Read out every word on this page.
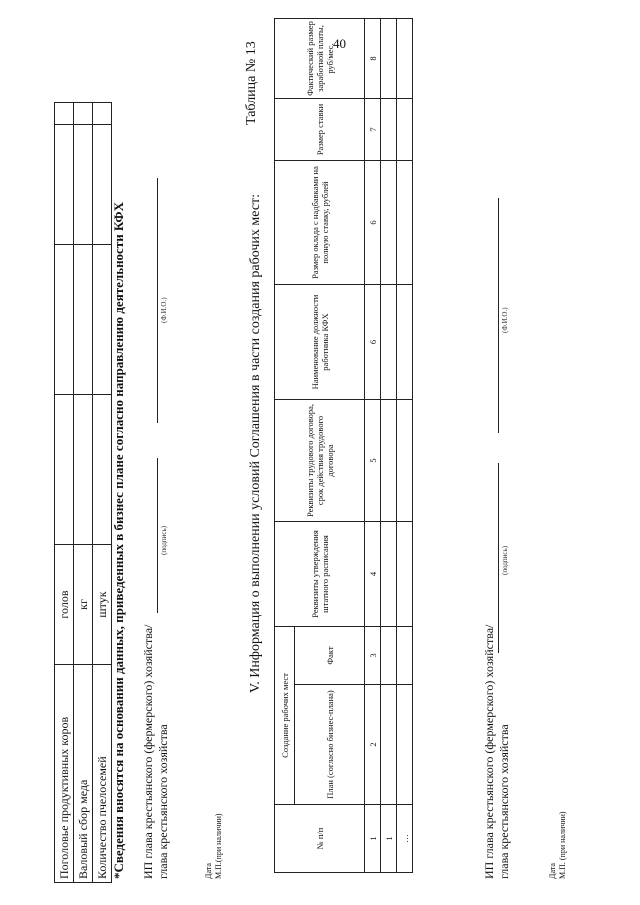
40
Поголовье продуктивных коров	голов				
Валовый сбор меда	кг				
Количество пчелосемей	штук				*Сведения вносятся на основании данных, приведенных в бизнес плане согласно направлению деятельности КФХ ИП глава крестьянского (фермерского) хозяйства/ глава крестьянского хозяйства
(подпись)
(Ф.И.О.)
Дата М.П.(при наличии)
V. Информация о выполнении условий Соглашения в части создания рабочих мест:
Таблица № 13
№ п/п	Создание рабочих мест		Реквизиты утверждения штатного расписания	Реквизиты трудового договора, срок действия трудового договора	Наименование должности работника КФХ	Размер оклада с надбавками на полную ставку, рублей	Размер ставки	Фактический размер заработной платы, руб/мес.
	План (согласно бизнес-плана)	Факт						
1	2	3	4	5	6	6	7	8
1								
…									ИП глава крестьянского (фермерского) хозяйства/ глава крестьянского хозяйства
(подпись)
(Ф.И.О.)
Дата М.П. (при наличии)
